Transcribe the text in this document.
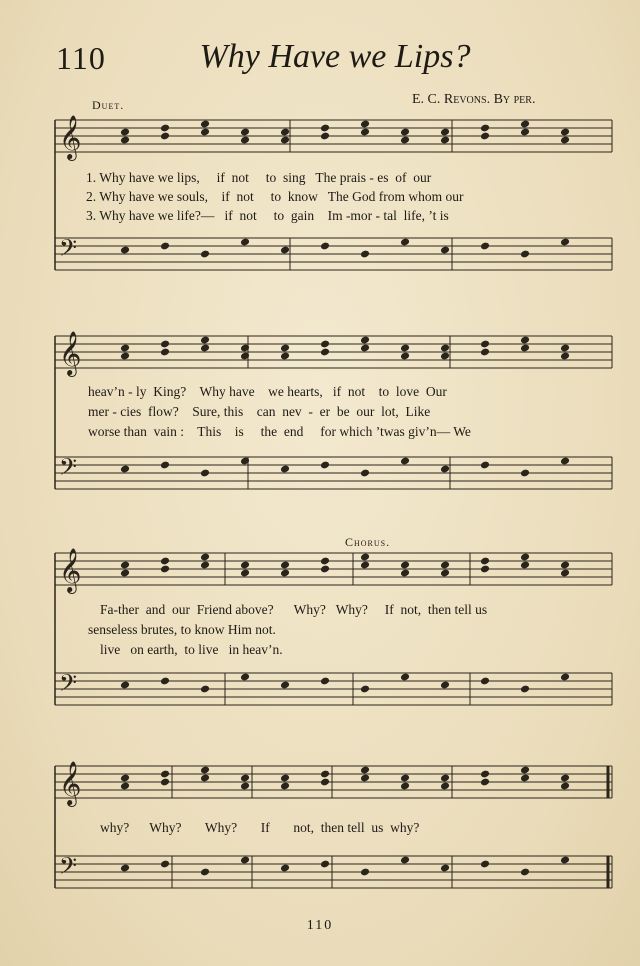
110	Why Have we Lips?
Duet.	E. C. Revons. By per.
𝄞
𝄢
𝄞
𝄢
𝄞
𝄢
𝄞
𝄢
1. Why have we lips,     if  not     to  sing   The prais - es  of  our
2. Why have we souls,    if  not     to  know   The God from whom our
3. Why have we life?—   if  not     to  gain    Im -mor - tal  life, ’t is
heav’n - ly  King?    Why have    we hearts,   if  not    to  love  Our
mer - cies  flow?    Sure, this    can  nev  -  er  be  our  lot,  Like
worse than  vain :    This    is     the  end     for which ’twas giv’n— We
Chorus.
Fa-ther  and  our  Friend above?      Why?   Why?     If  not,  then tell us
senseless brutes, to know Him not.
live   on earth,  to live   in heav’n.
why?      Why?       Why?       If       not,  then tell  us  why?
110
